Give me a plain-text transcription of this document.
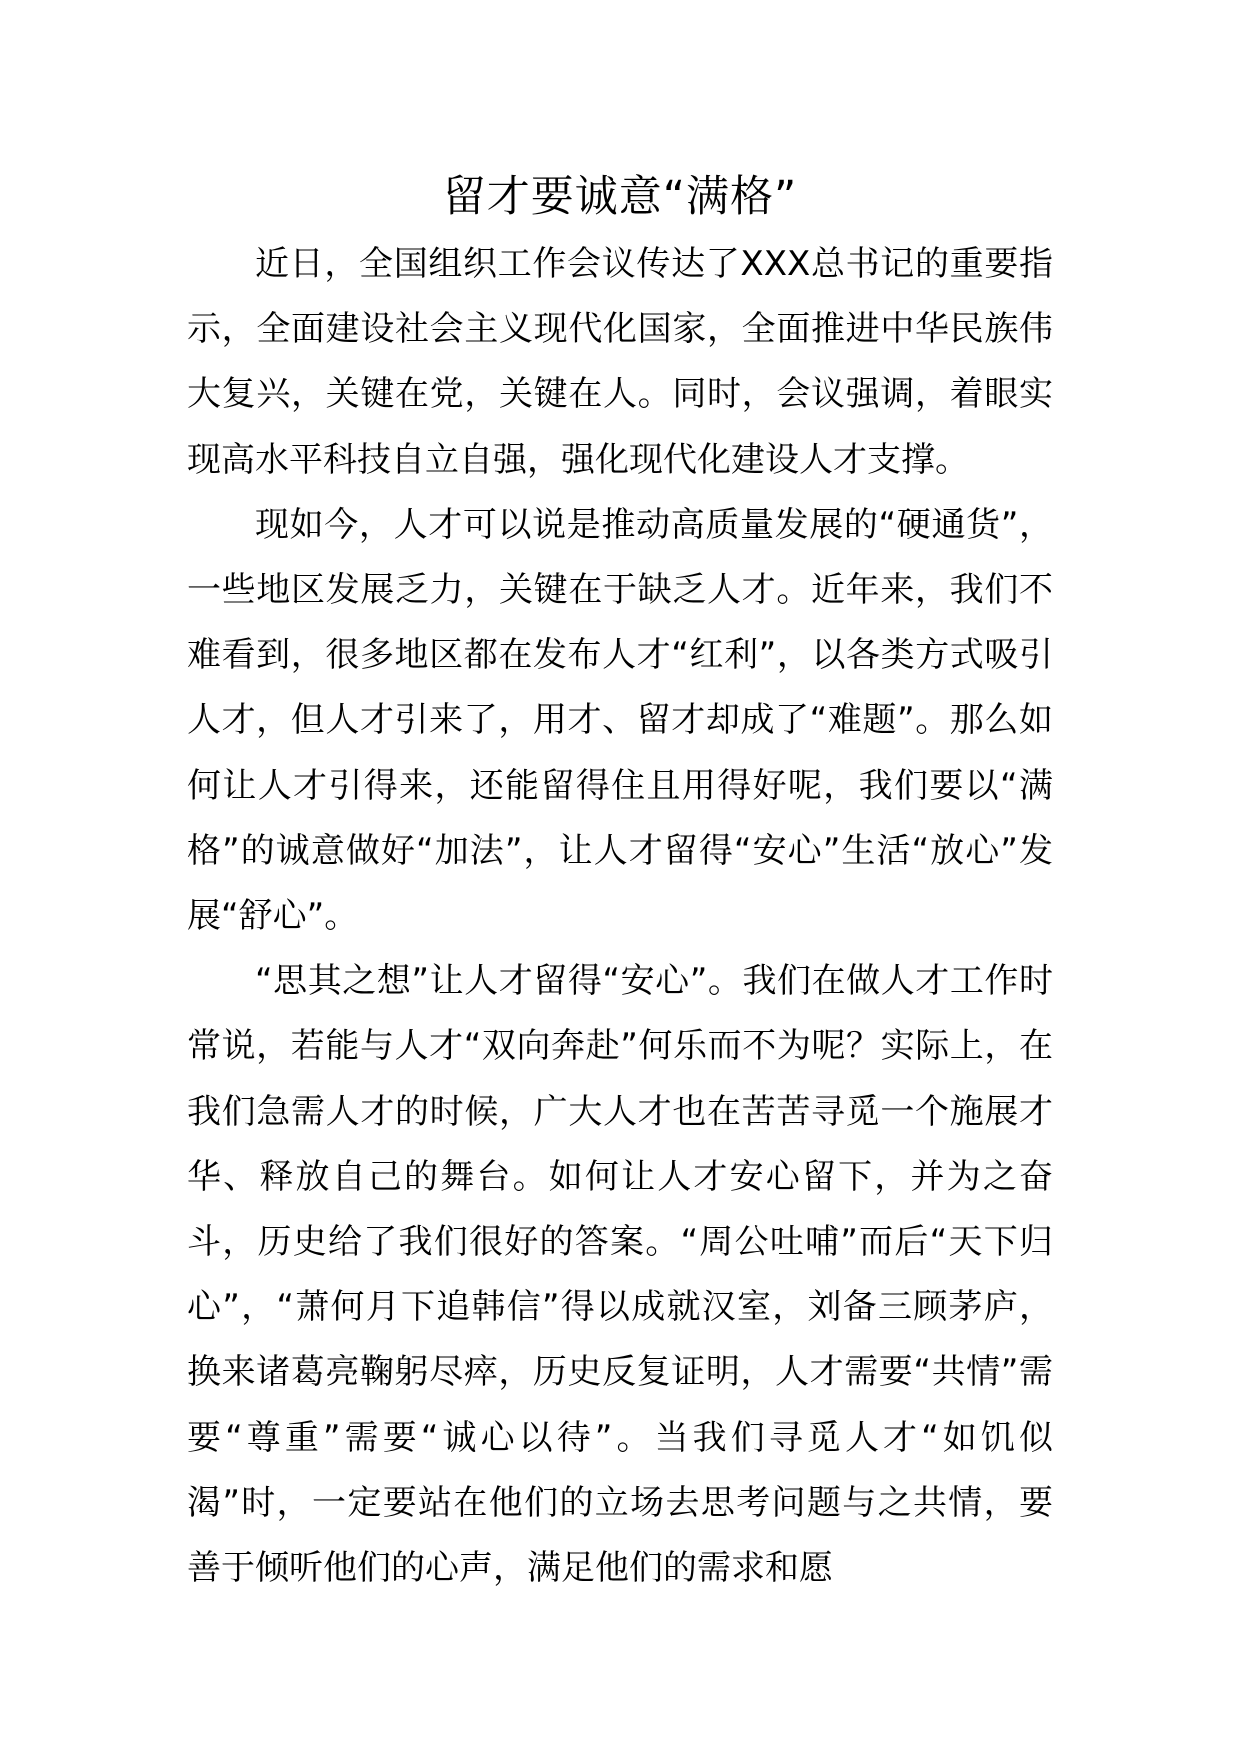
留才要诚意“满格”

近日，全国组织工作会议传达了XXX总书记的重要指示，全面建设社会主义现代化国家，全面推进中华民族伟大复兴，关键在党，关键在人。同时，会议强调，着眼实现高水平科技自立自强，强化现代化建设人才支撑。

现如今，人才可以说是推动高质量发展的“硬通货”，一些地区发展乏力，关键在于缺乏人才。近年来，我们不难看到，很多地区都在发布人才“红利”，以各类方式吸引人才，但人才引来了，用才、留才却成了“难题”。那么如何让人才引得来，还能留得住且用得好呢，我们要以“满格”的诚意做好“加法”，让人才留得“安心”生活“放心”发展“舒心”。

“思其之想”让人才留得“安心”。我们在做人才工作时常说，若能与人才“双向奔赴”何乐而不为呢？实际上，在我们急需人才的时候，广大人才也在苦苦寻觅一个施展才华、释放自己的舞台。如何让人才安心留下，并为之奋斗，历史给了我们很好的答案。“周公吐哺”而后“天下归心”，“萧何月下追韩信”得以成就汉室，刘备三顾茅庐，换来诸葛亮鞠躬尽瘁，历史反复证明，人才需要“共情”需要“尊重”需要“诚心以待”。当我们寻觅人才“如饥似渴”时，一定要站在他们的立场去思考问题与之共情，要善于倾听他们的心声，满足他们的需求和愿
